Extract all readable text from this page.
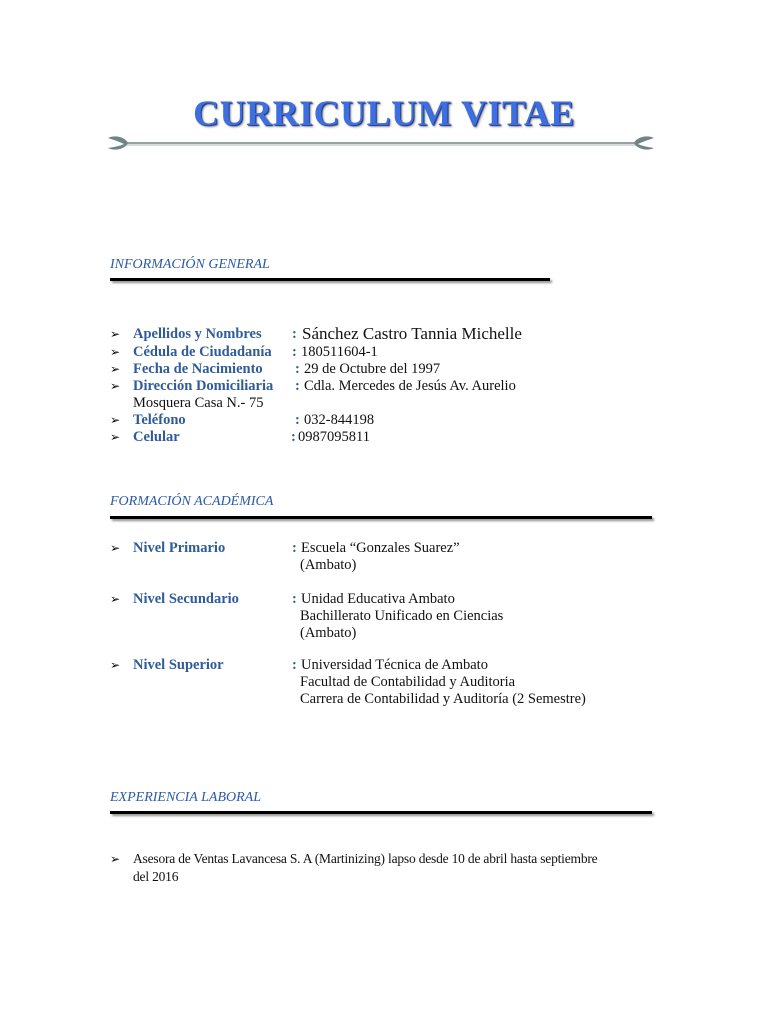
CURRICULUM VITAE
INFORMACIÓN GENERAL
➢ Apellidos y Nombres : Sánchez Castro Tannia Michelle
➢ Cédula de Ciudadanía : 180511604-1
➢ Fecha de Nacimiento : 29 de Octubre del 1997
➢ Dirección Domiciliaria : Cdla. Mercedes de Jesús Av. Aurelio
Mosquera Casa N.- 75
➢ Teléfono	: 032-844198
➢ Celular	: 0987095811
FORMACIÓN ACADÉMICA
➢ Nivel Primario	: Escuela “Gonzales Suarez”
(Ambato)
➢ Nivel Secundario	: Unidad Educativa Ambato
Bachillerato Unificado en Ciencias
(Ambato)
➢ Nivel Superior	: Universidad Técnica de Ambato
Facultad de Contabilidad y Auditoria
Carrera de Contabilidad y Auditoría (2 Semestre)
EXPERIENCIA LABORAL
➢ Asesora de Ventas Lavancesa S. A (Martinizing) lapso desde 10 de abril hasta septiembre
del 2016
